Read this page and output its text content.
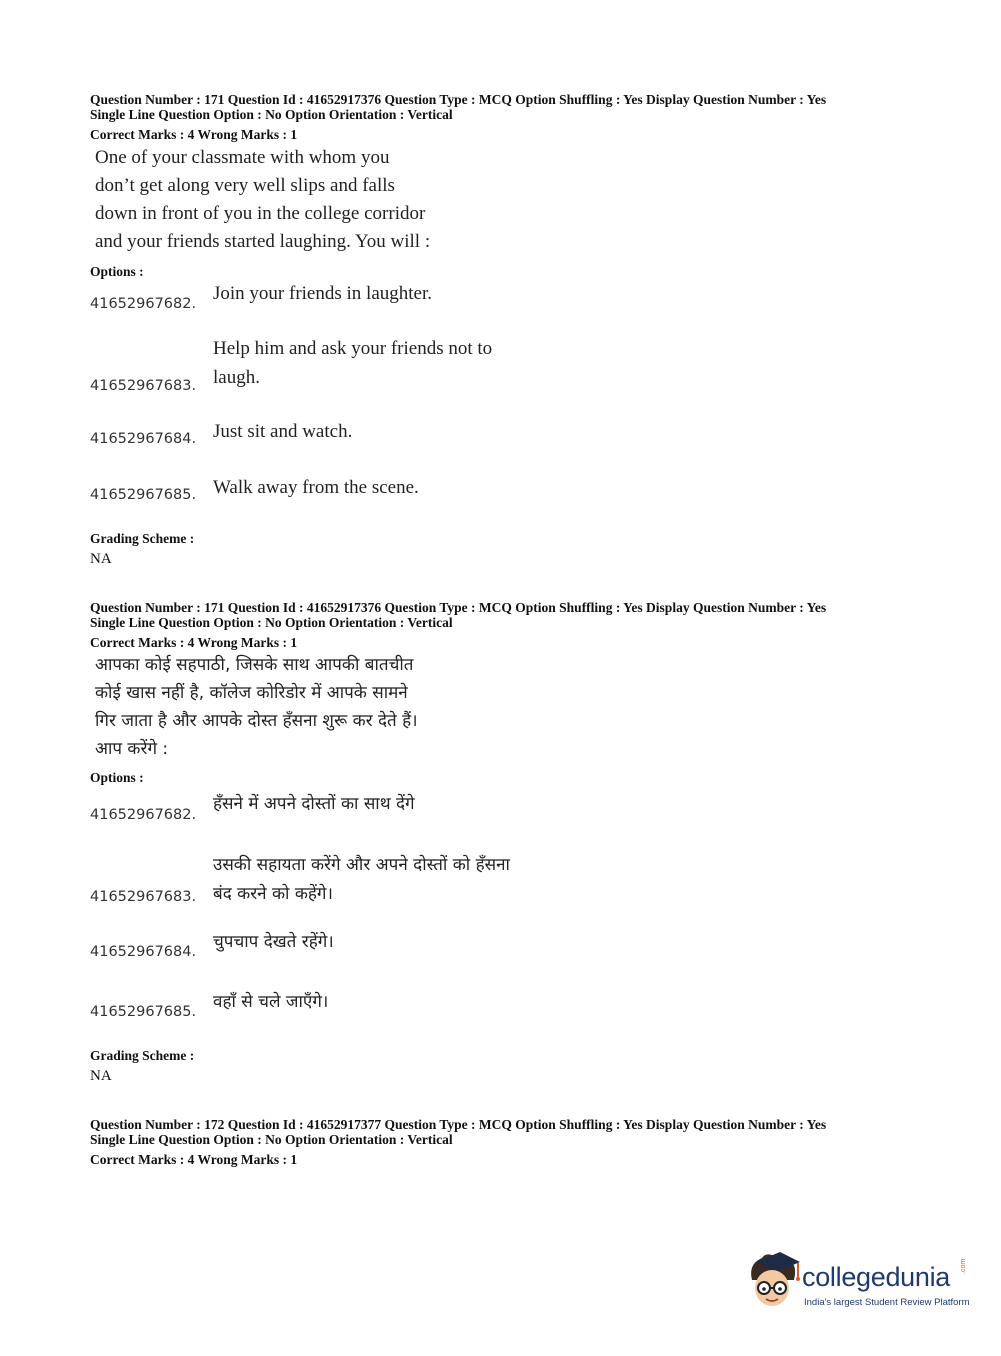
Question Number : 171 Question Id : 41652917376 Question Type : MCQ Option Shuffling : Yes Display Question Number : Yes

Single Line Question Option : No Option Orientation : Vertical

Correct Marks : 4 Wrong Marks : 1

One of your classmate with whom you
don’t get along very well slips and falls
down in front of you in the college corridor
and your friends started laughing. You will :
Options :
41652967682. Join your friends in laughter.
41652967683.
Help him and ask your friends not to
laugh.
41652967684. Just sit and watch.
41652967685. Walk away from the scene.
Grading Scheme :
NA

Question Number : 171 Question Id : 41652917376 Question Type : MCQ Option Shuffling : Yes Display Question Number : Yes

Single Line Question Option : No Option Orientation : Vertical

Correct Marks : 4 Wrong Marks : 1

आपका कोई सहपाठी, जिसके साथ आपकी बातचीत
कोई खास नहीं है, कॉलेज कोरिडोर में आपके सामने
गिर जाता है और आपके दोस्त हँसना शुरू कर देते हैं।
आप करेंगे :
Options :
41652967682.
हँसने में अपने दोस्तों का साथ देंगे
41652967683.
उसकी सहायता करेंगे और अपने दोस्तों को हँसना
बंद करने को कहेंगे।
41652967684. चुपचाप देखते रहेंगे।
41652967685. वहाँ से चले जाएँगे।
Grading Scheme :
NA

Question Number : 172 Question Id : 41652917377 Question Type : MCQ Option Shuffling : Yes Display Question Number : Yes

Single Line Question Option : No Option Orientation : Vertical

Correct Marks : 4 Wrong Marks : 1

collegedunia .com
India's largest Student Review Platform
